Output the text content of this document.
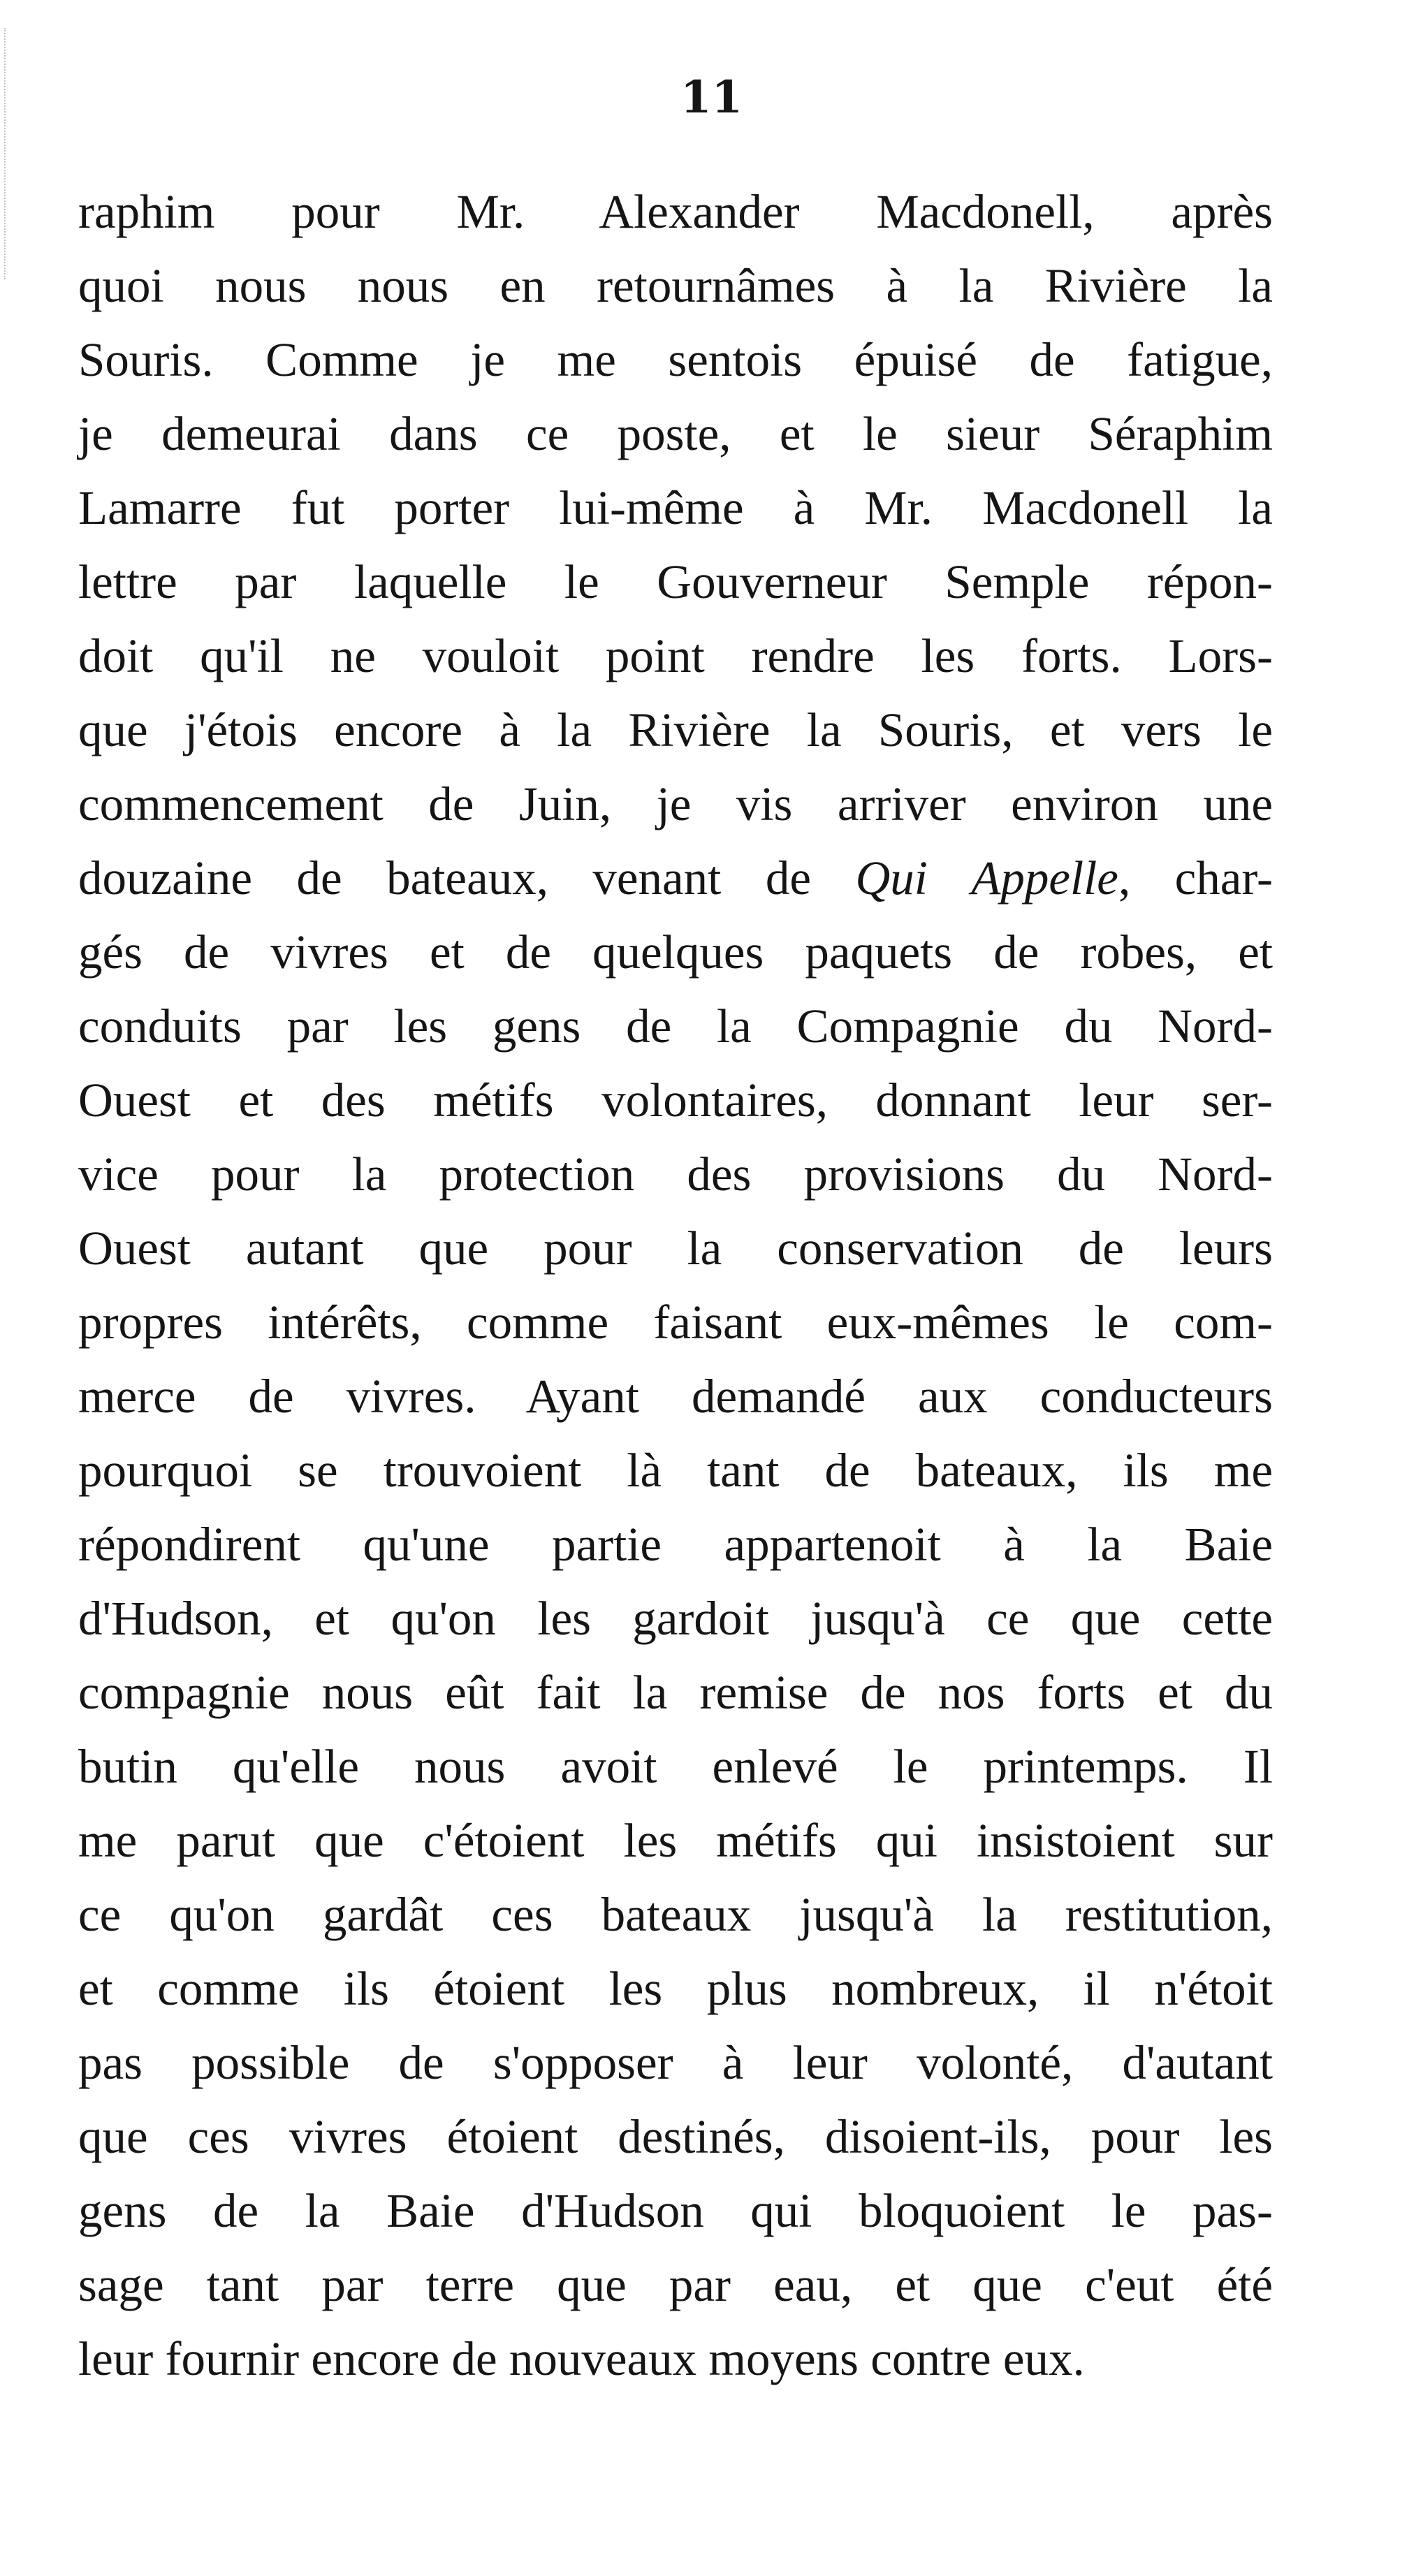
11
raphim pour Mr. Alexander Macdonell, après
quoi nous nous en retournâmes à la Rivière la
Souris. Comme je me sentois épuisé de fatigue,
je demeurai dans ce poste, et le sieur Séraphim
Lamarre fut porter lui-même à Mr. Macdonell la
lettre par laquelle le Gouverneur Semple répon-
doit qu'il ne vouloit point rendre les forts. Lors-
que j'étois encore à la Rivière la Souris, et vers le
commencement de Juin, je vis arriver environ une
douzaine de bateaux, venant de Qui Appelle, char-
gés de vivres et de quelques paquets de robes, et
conduits par les gens de la Compagnie du Nord-
Ouest et des métifs volontaires, donnant leur ser-
vice pour la protection des provisions du Nord-
Ouest autant que pour la conservation de leurs
propres intérêts, comme faisant eux-mêmes le com-
merce de vivres. Ayant demandé aux conducteurs
pourquoi se trouvoient là tant de bateaux, ils me
répondirent qu'une partie appartenoit à la Baie
d'Hudson, et qu'on les gardoit jusqu'à ce que cette
compagnie nous eût fait la remise de nos forts et du
butin qu'elle nous avoit enlevé le printemps. Il
me parut que c'étoient les métifs qui insistoient sur
ce qu'on gardât ces bateaux jusqu'à la restitution,
et comme ils étoient les plus nombreux, il n'étoit
pas possible de s'opposer à leur volonté, d'autant
que ces vivres étoient destinés, disoient-ils, pour les
gens de la Baie d'Hudson qui bloquoient le pas-
sage tant par terre que par eau, et que c'eut été
leur fournir encore de nouveaux moyens contre eux.
